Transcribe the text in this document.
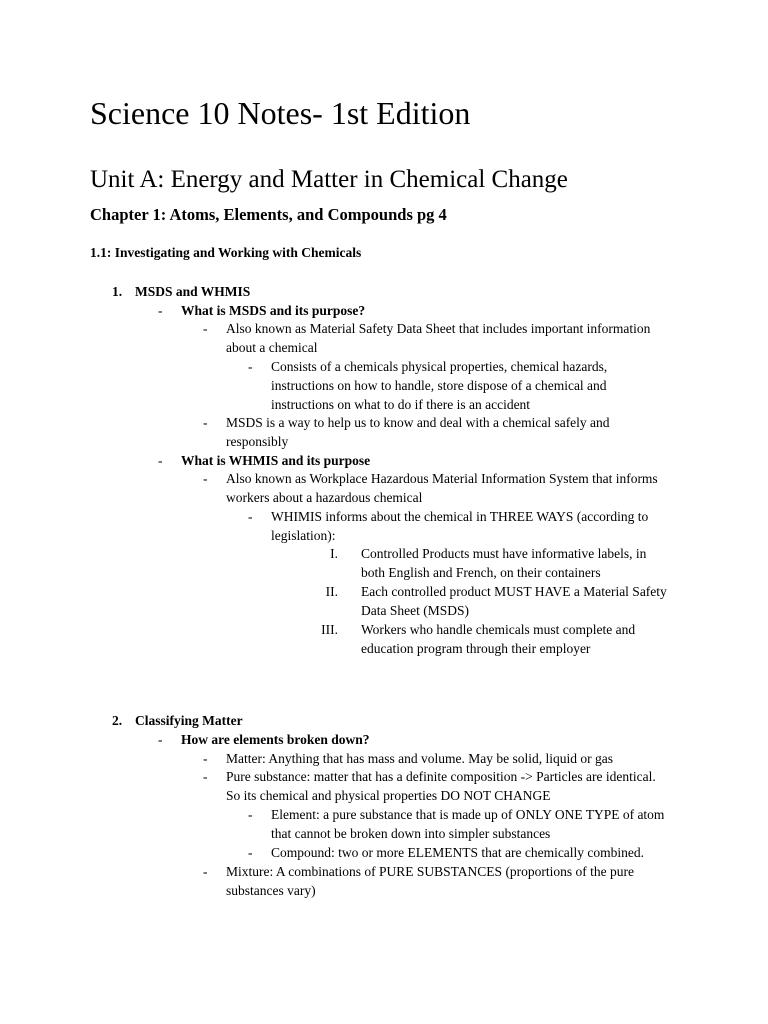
Science 10 Notes- 1st Edition
Unit A: Energy and Matter in Chemical Change
Chapter 1: Atoms, Elements, and Compounds pg 4
1.1: Investigating and Working with Chemicals
1. MSDS and WHMIS
- What is MSDS and its purpose?
- Also known as Material Safety Data Sheet that includes important information
about a chemical
- Consists of a chemicals physical properties, chemical hazards,
instructions on how to handle, store dispose of a chemical and
instructions on what to do if there is an accident
- MSDS is a way to help us to know and deal with a chemical safely and
responsibly
- What is WHMIS and its purpose
- Also known as Workplace Hazardous Material Information System that informs
workers about a hazardous chemical
- WHIMIS informs about the chemical in THREE WAYS (according to
legislation):
I. Controlled Products must have informative labels, in
both English and French, on their containers
II. Each controlled product MUST HAVE a Material Safety
Data Sheet (MSDS)
III. Workers who handle chemicals must complete and
education program through their employer
2. Classifying Matter
- How are elements broken down?
- Matter: Anything that has mass and volume. May be solid, liquid or gas
- Pure substance: matter that has a definite composition -> Particles are identical.
So its chemical and physical properties DO NOT CHANGE
- Element: a pure substance that is made up of ONLY ONE TYPE of atom
that cannot be broken down into simpler substances
- Compound: two or more ELEMENTS that are chemically combined.
- Mixture: A combinations of PURE SUBSTANCES (proportions of the pure
substances vary)
